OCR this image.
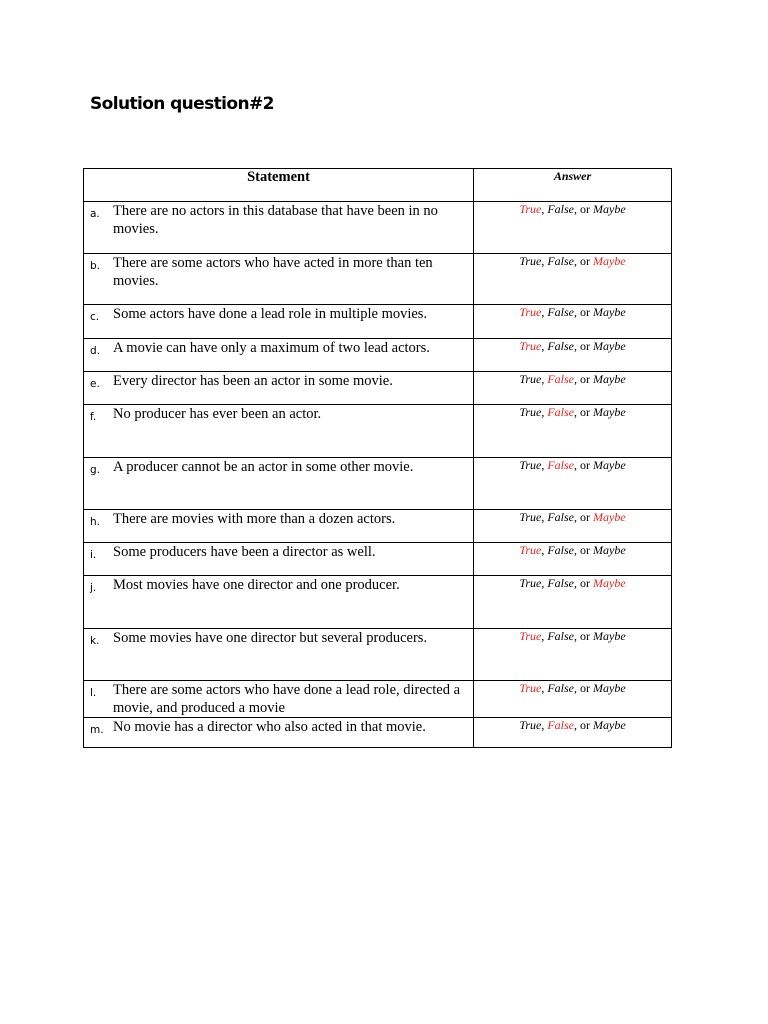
Solution question#2
Statement	Answer

a. There are no actors in this database that have been in no movies.	True, False, or Maybe

b. There are some actors who have acted in more than ten movies.	True, False, or Maybe

c. Some actors have done a lead role in multiple movies.	True, False, or Maybe

d. A movie can have only a maximum of two lead actors.	True, False, or Maybe

e. Every director has been an actor in some movie.	True, False, or Maybe

f. No producer has ever been an actor.	True, False, or Maybe

g. A producer cannot be an actor in some other movie.	True, False, or Maybe

h. There are movies with more than a dozen actors.	True, False, or Maybe

i. Some producers have been a director as well.	True, False, or Maybe

j. Most movies have one director and one producer.	True, False, or Maybe

k. Some movies have one director but several producers.	True, False, or Maybe

l. There are some actors who have done a lead role, directed a movie, and produced a movie	True, False, or Maybe

m. No movie has a director who also acted in that movie.	True, False, or Maybe
